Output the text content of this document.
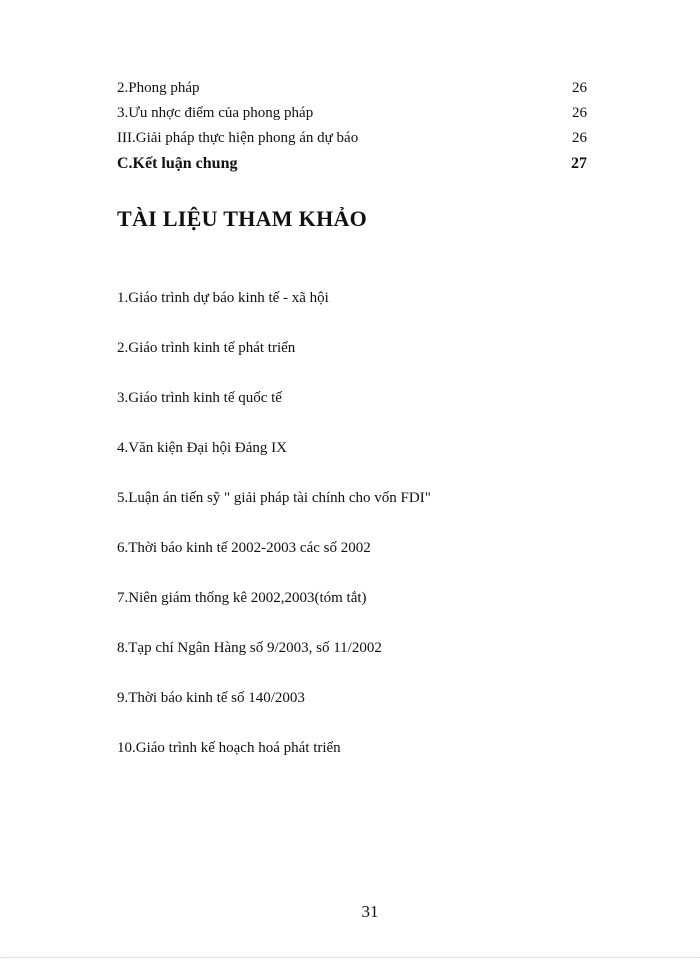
2.Phong pháp	26
3.Ưu nhợc điểm của phong pháp	26
III.Giải pháp thực hiện phong án dự báo	26
C.Kết luận chung	27
TÀI LIỆU THAM KHẢO
1.Giáo trình dự báo kinh tế - xã hội
2.Giáo trình kinh tế phát triển
3.Giáo trình kinh tế quốc tế
4.Văn kiện Đại hội Đảng IX
5.Luận án tiến sỹ " giải pháp tài chính cho vốn FDI"
6.Thời báo kinh tế 2002-2003 các số 2002
7.Niên giám thống kê 2002,2003(tóm tắt)
8.Tạp chí Ngân Hàng số 9/2003, số 11/2002
9.Thời báo kinh tế số 140/2003
10.Giáo trình kế hoạch hoá phát triển
31
